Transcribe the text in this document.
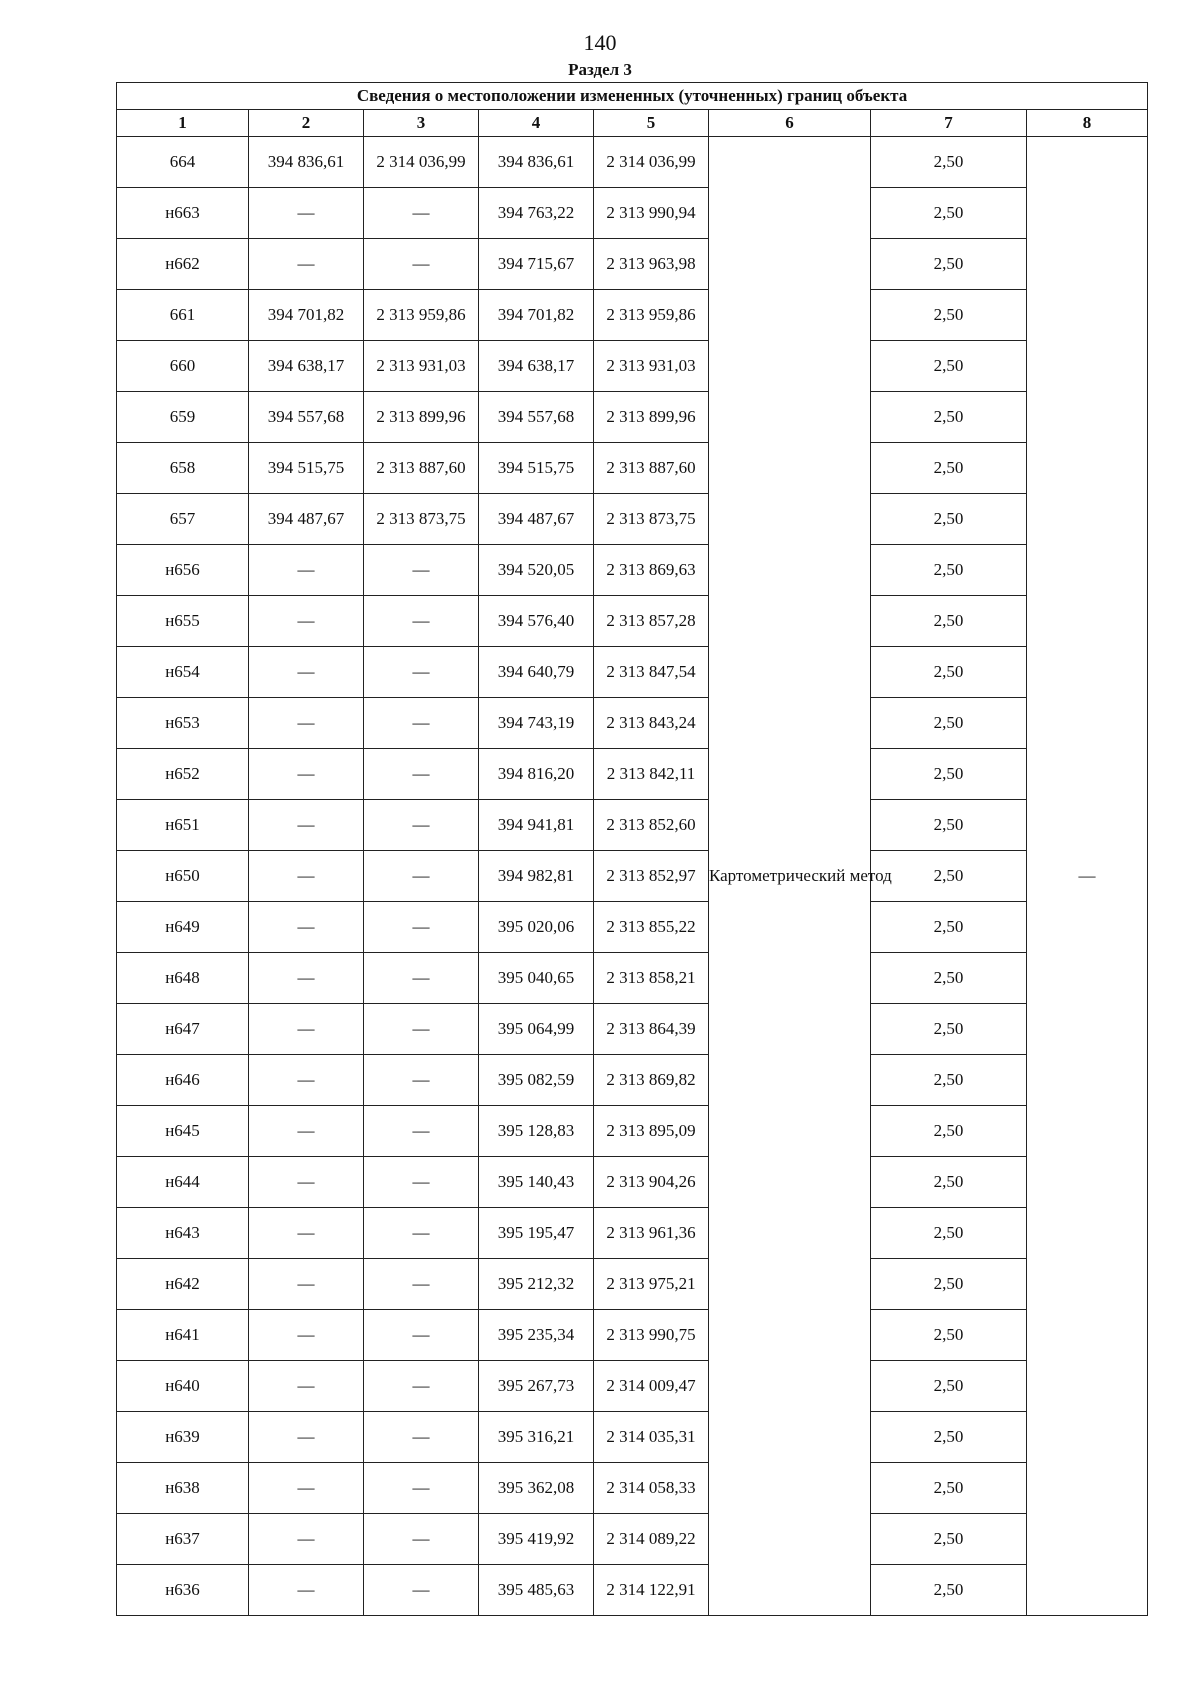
140
Раздел 3
Сведения о местоположении измененных (уточненных) границ объекта							
1	2	3	4	5	6	7	8
664	394 836,61	2 314 036,99	394 836,61	2 314 036,99	Картометрический метод	2,50	—
н663	—	—	394 763,22	2 313 990,94		2,50	
н662	—	—	394 715,67	2 313 963,98		2,50	
661	394 701,82	2 313 959,86	394 701,82	2 313 959,86		2,50	
660	394 638,17	2 313 931,03	394 638,17	2 313 931,03		2,50	
659	394 557,68	2 313 899,96	394 557,68	2 313 899,96		2,50	
658	394 515,75	2 313 887,60	394 515,75	2 313 887,60		2,50	
657	394 487,67	2 313 873,75	394 487,67	2 313 873,75		2,50	
н656	—	—	394 520,05	2 313 869,63		2,50	
н655	—	—	394 576,40	2 313 857,28		2,50	
н654	—	—	394 640,79	2 313 847,54		2,50	
н653	—	—	394 743,19	2 313 843,24		2,50	
н652	—	—	394 816,20	2 313 842,11		2,50	
н651	—	—	394 941,81	2 313 852,60		2,50	
н650	—	—	394 982,81	2 313 852,97		2,50	
н649	—	—	395 020,06	2 313 855,22		2,50	
н648	—	—	395 040,65	2 313 858,21		2,50	
н647	—	—	395 064,99	2 313 864,39		2,50	
н646	—	—	395 082,59	2 313 869,82		2,50	
н645	—	—	395 128,83	2 313 895,09		2,50	
н644	—	—	395 140,43	2 313 904,26		2,50	
н643	—	—	395 195,47	2 313 961,36		2,50	
н642	—	—	395 212,32	2 313 975,21		2,50	
н641	—	—	395 235,34	2 313 990,75		2,50	
н640	—	—	395 267,73	2 314 009,47		2,50	
н639	—	—	395 316,21	2 314 035,31		2,50	
н638	—	—	395 362,08	2 314 058,33		2,50	
н637	—	—	395 419,92	2 314 089,22		2,50	
н636	—	—	395 485,63	2 314 122,91		2,50	
